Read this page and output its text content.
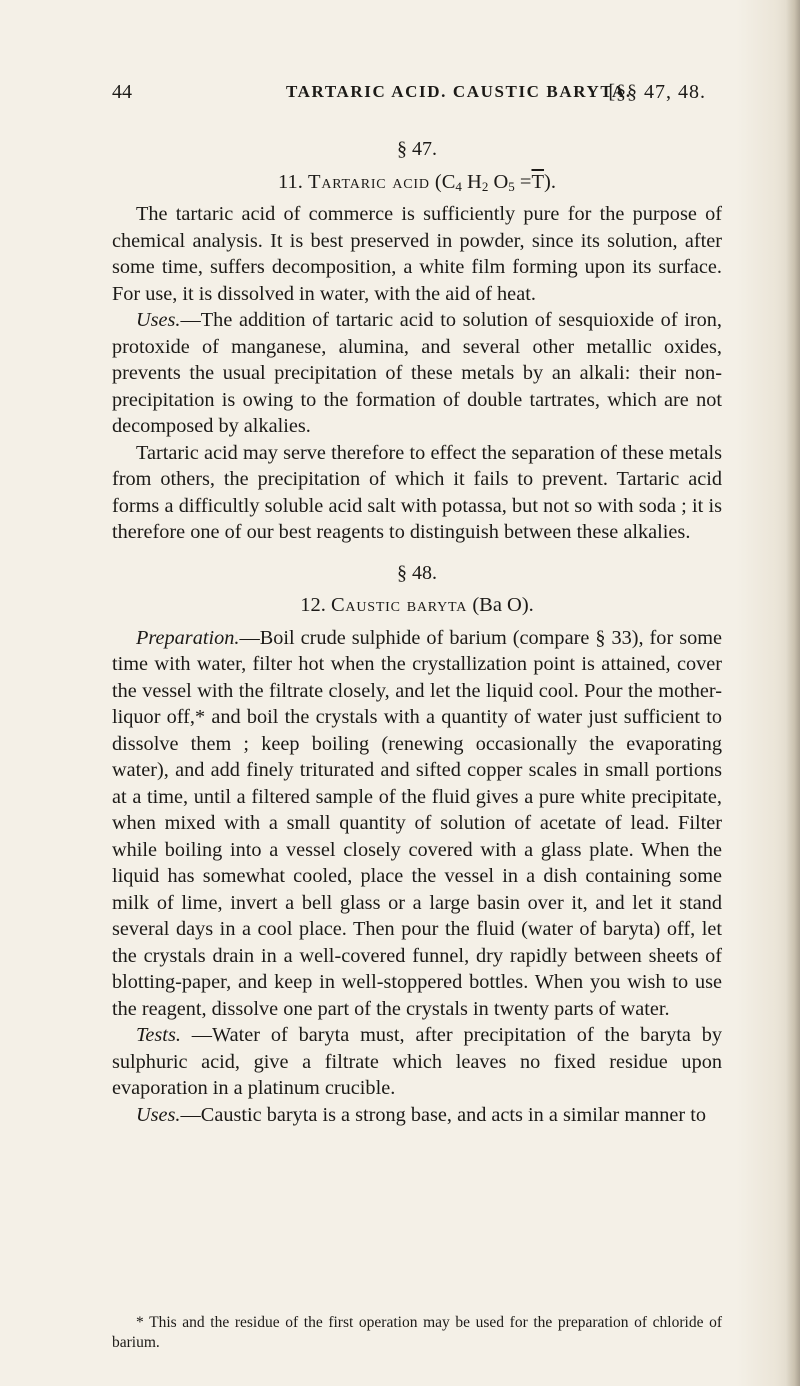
44	TARTARIC ACID. CAUSTIC BARYTA.
[§§ 47, 48.
§ 47.
11. Tartaric acid ($C_4$ $H_2$ $O_5 =\overline{T}$).

The tartaric acid of commerce is sufficiently pure for the purpose of chemical analysis. It is best preserved in powder, since its solution, after some time, suffers decomposition, a white film forming upon its surface. For use, it is dissolved in water, with the aid of heat.

Uses.—The addition of tartaric acid to solution of sesquioxide of iron, protoxide of manganese, alumina, and several other metallic oxides, prevents the usual precipitation of these metals by an alkali: their non-precipitation is owing to the formation of double tartrates, which are not decomposed by alkalies.

Tartaric acid may serve therefore to effect the separation of these metals from others, the precipitation of which it fails to prevent. Tartaric acid forms a difficultly soluble acid salt with potassa, but not so with soda ; it is therefore one of our best reagents to distinguish between these alkalies.

§ 48.
12. Caustic baryta (Ba O).

Preparation.—Boil crude sulphide of barium (compare § 33), for some time with water, filter hot when the crystallization point is attained, cover the vessel with the filtrate closely, and let the liquid cool. Pour the mother-liquor off,* and boil the crystals with a quantity of water just sufficient to dissolve them ; keep boiling (renewing occasionally the evaporating water), and add finely triturated and sifted copper scales in small portions at a time, until a filtered sample of the fluid gives a pure white precipitate, when mixed with a small quantity of solution of acetate of lead. Filter while boiling into a vessel closely covered with a glass plate. When the liquid has somewhat cooled, place the vessel in a dish containing some milk of lime, invert a bell glass or a large basin over it, and let it stand several days in a cool place. Then pour the fluid (water of baryta) off, let the crystals drain in a well-covered funnel, dry rapidly between sheets of blotting-paper, and keep in well-stoppered bottles. When you wish to use the reagent, dissolve one part of the crystals in twenty parts of water.

Tests. —Water of baryta must, after precipitation of the baryta by sulphuric acid, give a filtrate which leaves no fixed residue upon evaporation in a platinum crucible.

Uses.—Caustic baryta is a strong base, and acts in a similar manner to

* This and the residue of the first operation may be used for the preparation of chloride of barium.
